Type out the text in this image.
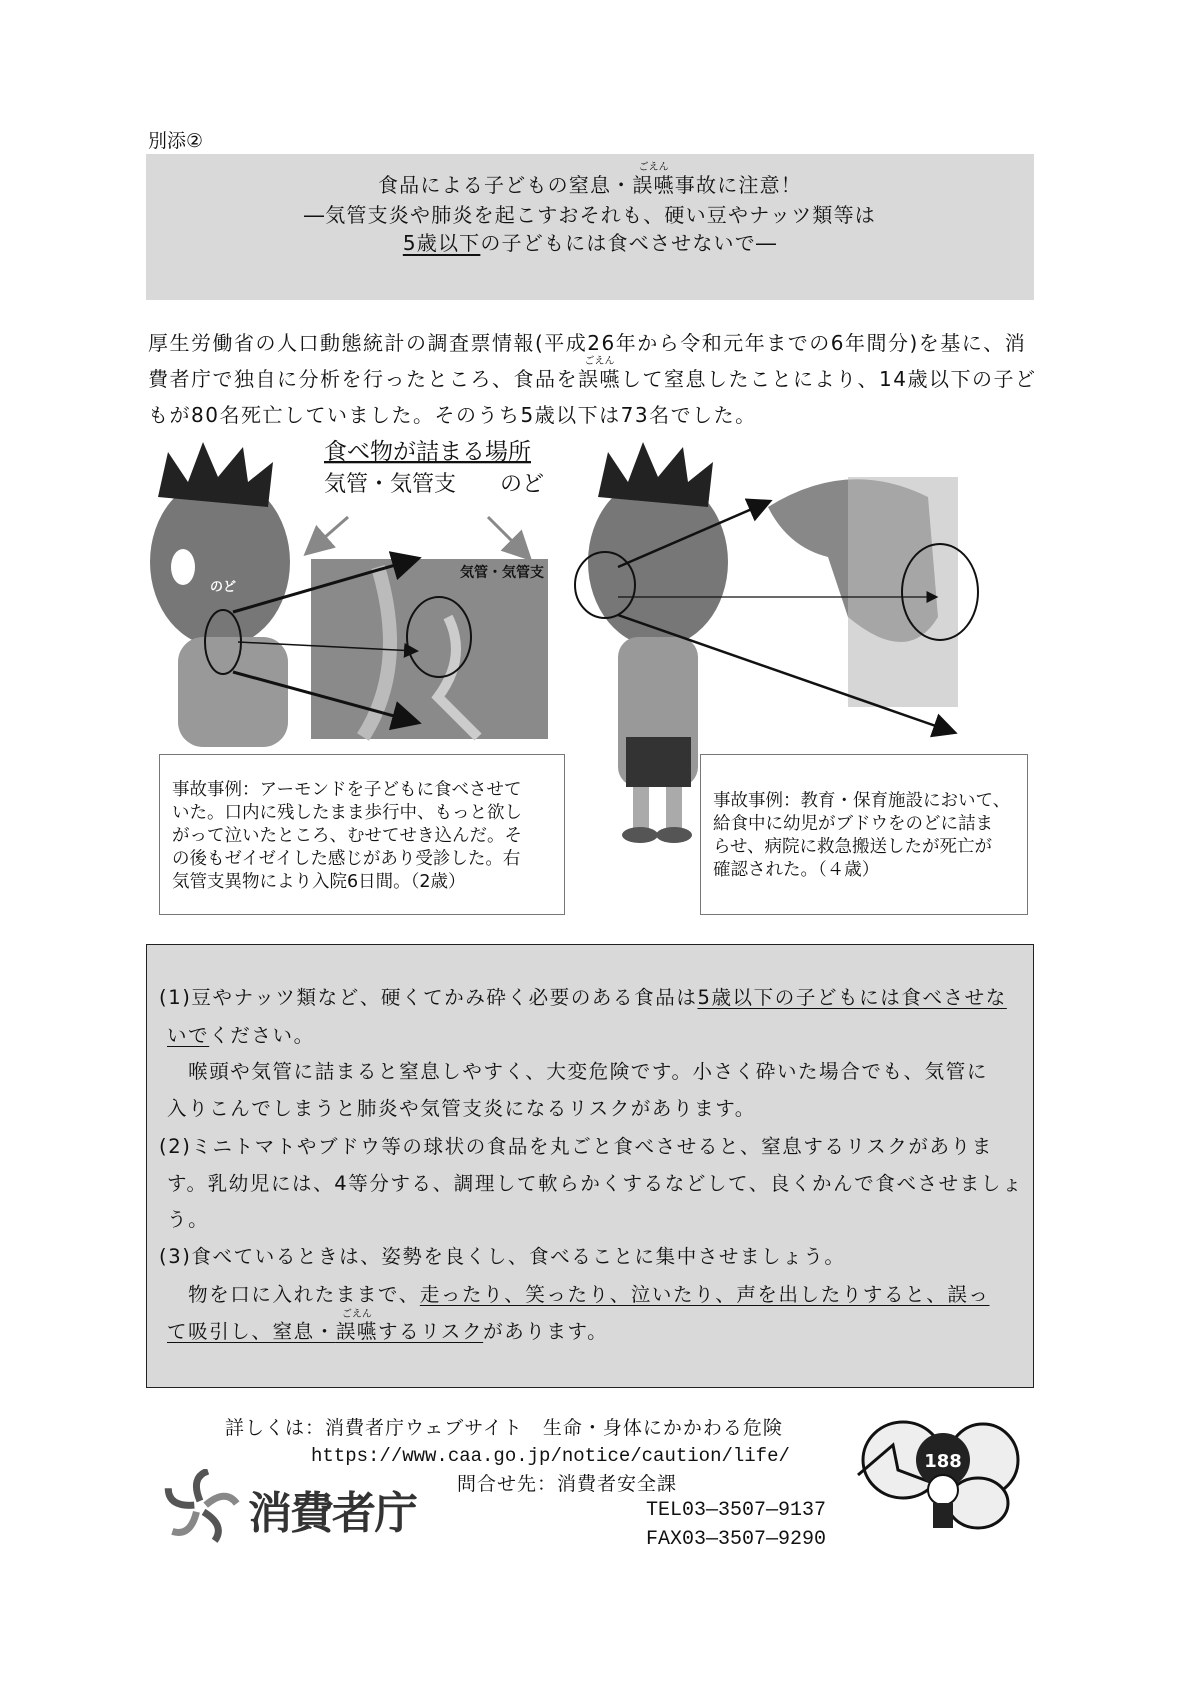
別添②
食品による子どもの窒息・誤嚥
ごえん
事故に注意！
―気管支炎や肺炎を起こすおそれも、硬い豆やナッツ類等は
5歳以下の子どもには食べさせないで―
厚生労働省の人口動態統計の調査票情報(平成26年から令和元年までの6年間分)を基に、消
費者庁で独自に分析を行ったところ、食品を誤嚥
ごえん
して窒息したことにより、14歳以下の子ど
もが80名死亡していました。そのうち5歳以下は73名でした。
のど
気管・気管支
食べ物が詰まる場所
気管・気管支 のど
舌
事故事例：アーモンドを子どもに食べさせて
いた。口内に残したまま歩行中、もっと欲し
がって泣いたところ、むせてせき込んだ。そ
の後もゼイゼイした感じがあり受診した。右
気管支異物により入院6日間。（2歳）
事故事例：教育・保育施設において、
給食中に幼児がブドウをのどに詰ま
らせ、病院に救急搬送したが死亡が
確認された。（４歳）
(1)豆やナッツ類など、硬くてかみ砕く必要のある食品は5歳以下の子どもには食べさせな
いでください。
　喉頭や気管に詰まると窒息しやすく、大変危険です。小さく砕いた場合でも、気管に
入りこんでしまうと肺炎や気管支炎になるリスクがあります。
(2)ミニトマトやブドウ等の球状の食品を丸ごと食べさせると、窒息するリスクがありま
す。乳幼児には、4等分する、調理して軟らかくするなどして、良くかんで食べさせましょ
う。
(3)食べているときは、姿勢を良くし、食べることに集中させましょう。
　物を口に入れたままで、走ったり、笑ったり、泣いたり、声を出したりすると、誤っ
て吸引し、窒息・誤嚥
ごえん
するリスクがあります。
詳しくは：消費者庁ウェブサイト　生命・身体にかかわる危険
https://www.caa.go.jp/notice/caution/life/
問合せ先：消費者安全課
TEL03―3507―9137
FAX03―3507―9290
消費者庁
188
